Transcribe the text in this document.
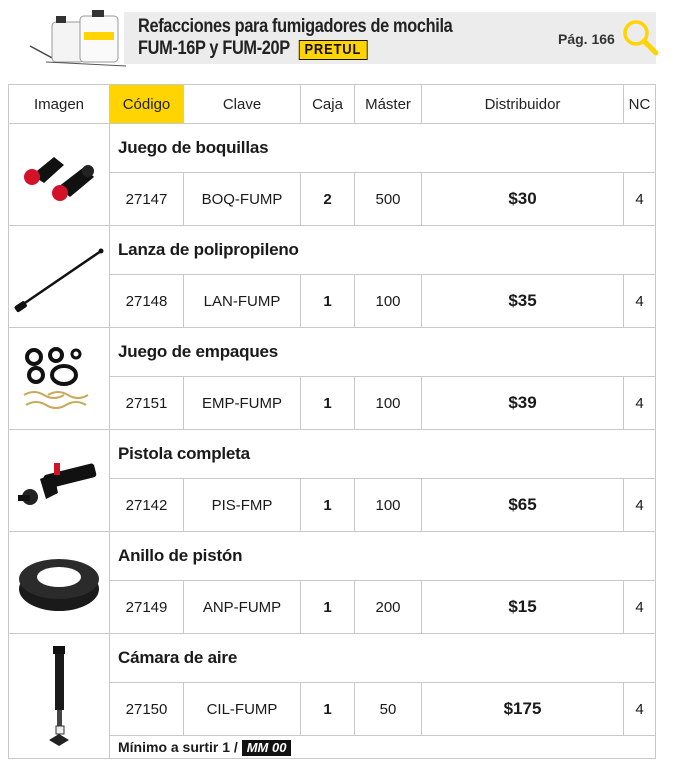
Refacciones para fumigadores de mochila
FUM-16P y FUM-20P PRETUL
Pág. 166
Imagen	Código	Clave	Caja	Máster	Distribuidor	NC

	Juego de boquillas					
	27147	BOQ-FUMP	2	500	$30	4

	Lanza de polipropileno					
	27148	LAN-FUMP	1	100	$35	4

	Juego de empaques					
	27151	EMP-FUMP	1	100	$39	4

	Pistola completa					
	27142	PIS-FMP	1	100	$65	4

	Anillo de pistón					
	27149	ANP-FUMP	1	200	$15	4

	Cámara de aire					
	27150	CIL-FUMP	1	50	$175	4
	Mínimo a surtir 1 / MM 00					
